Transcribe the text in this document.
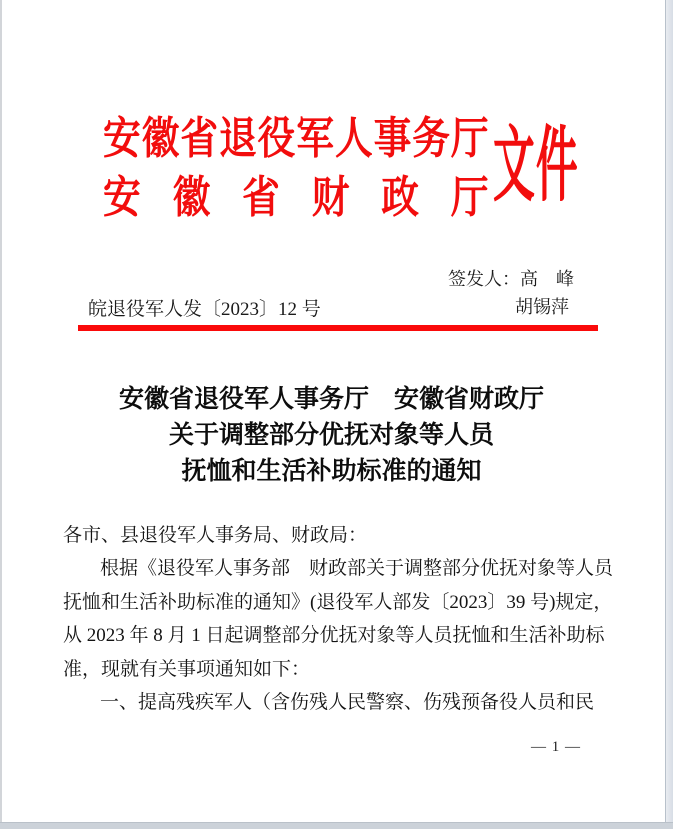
安 徽 省 退 役 军 人 事 务 厅
安 徽 省 财 政 厅 文件
签发人：高　峰
胡锡萍
皖退役军人发〔2023〕12 号
安徽省退役军人事务厅　安徽省财政厅
关于调整部分优抚对象等人员
抚恤和生活补助标准的通知
各市、县退役军人事务局、财政局：
根据《退役军人事务部　财政部关于调整部分优抚对象等人员
抚恤和生活补助标准的通知》(退役军人部发〔2023〕39 号)规定，
从 2023 年 8 月 1 日起调整部分优抚对象等人员抚恤和生活补助标
准，现就有关事项通知如下：
一、提高残疾军人（含伤残人民警察、伤残预备役人员和民
— 1 —
